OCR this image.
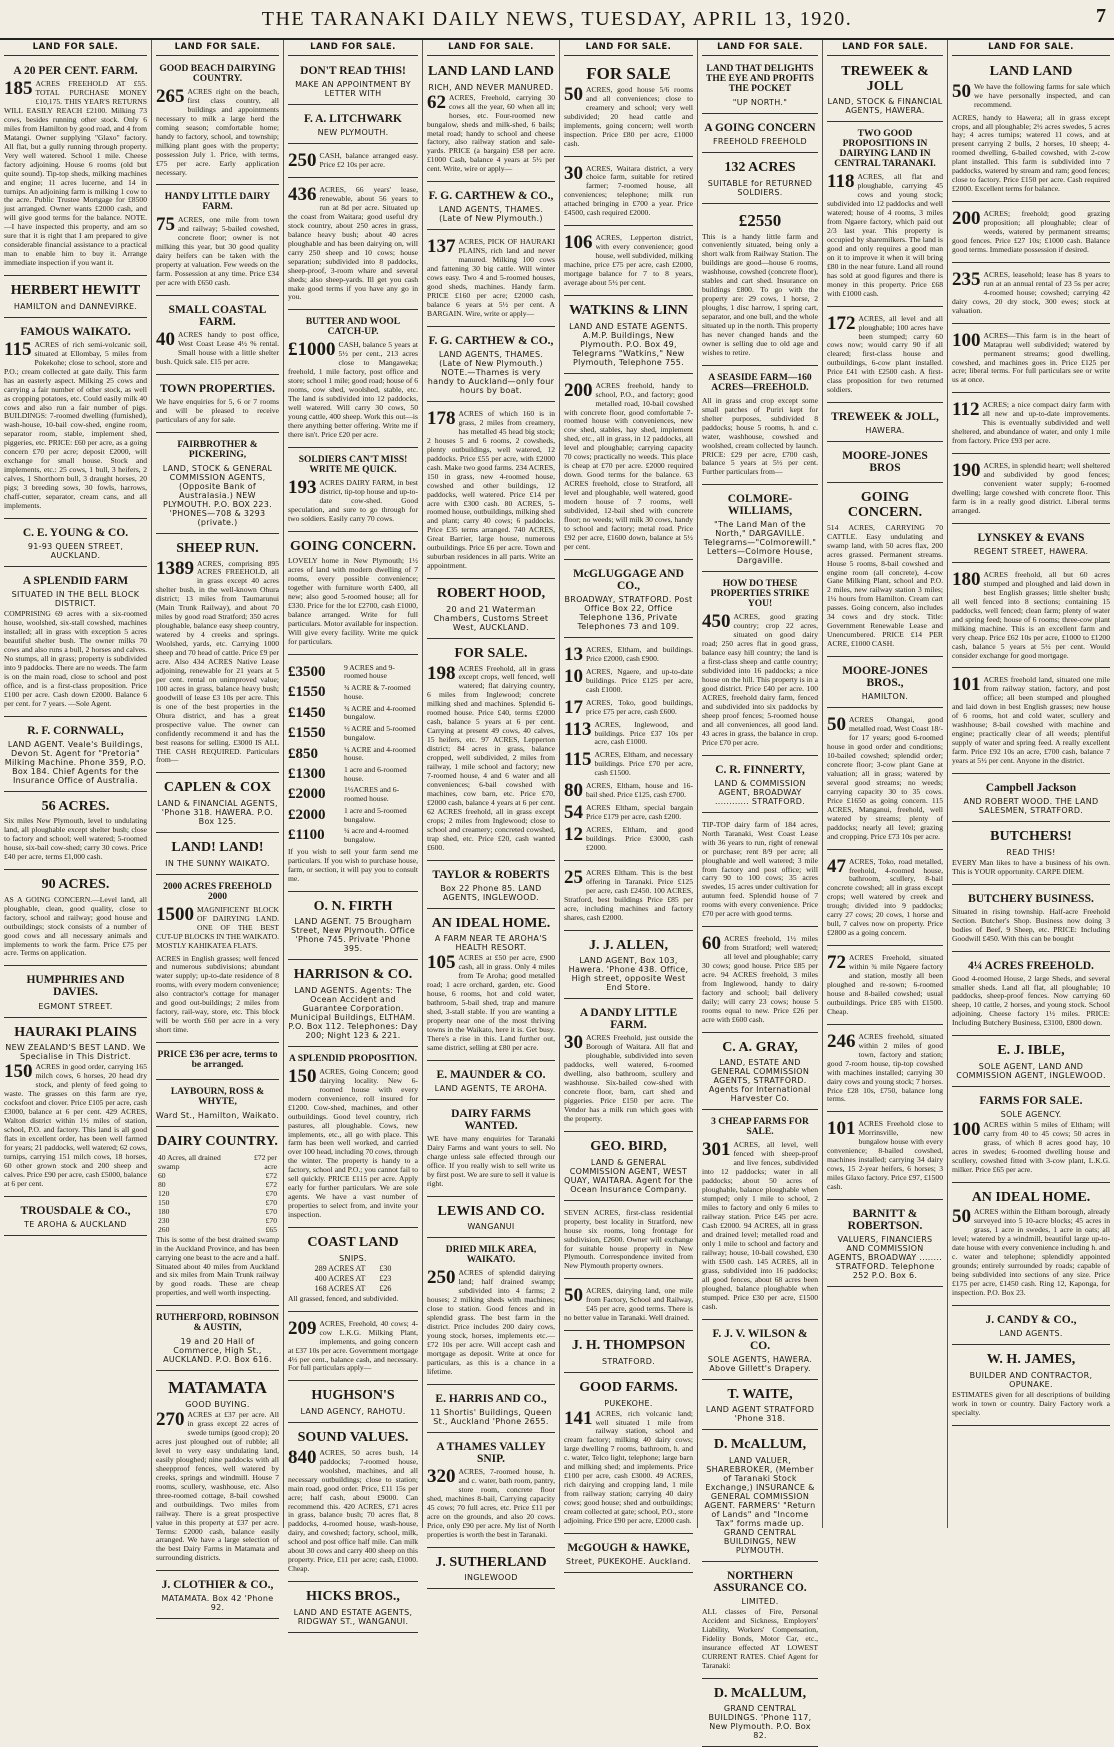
THE TARANAKI DAILY NEWS, TUESDAY, APRIL 13, 1920.	7
LAND FOR SALE.
A 20 PER CENT. FARM.
185 ACRES FREEHOLD AT £55. TOTAL PURCHASE MONEY £10,175. THIS YEAR'S RETURNS WILL EASILY REACH £2100. Milking 73 cows, besides running other stock. Only 6 miles from Hamilton by good road, and 4 from Matangi. Owner supplying "Glaxo" factory. All flat, but a gully running through property. Very well watered. School 1 mile. Cheese factory adjoining. House 6 rooms (old but quite sound). Tip-top sheds, milking machines and engine; 11 acres lucerne, and 14 in turnips. An adjoining farm is milking 1 cow to the acre. Public Trustee Mortgage for £8500 just arranged. Owner wants £2000 cash, and will give good terms for the balance. NOTE.—I have inspected this property, and am so sure that it is right that I am prepared to give considerable financial assistance to a practical man to enable him to buy it. Arrange immediate inspection if you want it.
HERBERT HEWITT
HAMILTON and DANNEVIRKE.
FAMOUS WAIKATO.
115 ACRES of rich semi-volcanic soil, situated at Ellombay, 5 miles from Pokekohe; close to school, store and P.O.; cream collected at gate daily. This farm has an easterly aspect. Milking 25 cows and carrying a fair number of other stock, as well as cropping potatoes, etc. Could easily milk 40 cows and also run a fair number of pigs. BUILDINGS: 7-roomed dwelling (furnished), wash-house, 10-bail cow-shed, engine room, separator room, stable, implement shed, piggeries, etc. PRICE: £60 per acre, as a going concern £70 per acre; deposit £2000, will exchange for small house. Stock and implements, etc.: 25 cows, 1 bull, 3 heifers, 2 calves, 1 Shorthorn bull, 3 draught horses, 20 pigs; 3 breeding sows, 30 fowls, harrows, chaff-cutter, separator, cream cans, and all implements.
C. E. YOUNG & CO.
91-93 QUEEN STREET, AUCKLAND.
A SPLENDID FARM
SITUATED IN THE BELL BLOCK DISTRICT.
COMPRISING 69 acres with a six-roomed house, woolshed, six-stall cowshed, machines installed; all in grass with exception 5 acres beautiful shelter bush. The owner milks 70 cows and also runs a bull, 2 horses and calves. No stumps, all in grass; property is subdivided into 9 paddocks. There are no weeds. The farm is on the main road, close to school and post office, and is a first-class proposition. Price £100 per acre. Cash down £2000. Balance 6 per cent. for 7 years. —Sole Agent.
R. F. CORNWALL,
LAND AGENT. Veale's Buildings, Devon St. Agent for "Pretoria" Milking Machine. Phone 359, P.O. Box 184. Chief Agents for the Insurance Office of Australia.
56 ACRES.
Six miles New Plymouth, level to undulating land, all ploughable except shelter bush; close to factory and school; well watered; 5-roomed house, six-bail cow-shed; carry 30 cows. Price £40 per acre, terms £1,000 cash.
90 ACRES.
AS A GOING CONCERN.—Level land, all ploughable, clean, good quality, close to factory, school and railway; good house and outbuildings; stock consists of a number of good cows and all necessary animals and implements to work the farm. Price £75 per acre. Terms on application.
HUMPHRIES AND DAVIES.
EGMONT STREET.
HAURAKI PLAINS
NEW ZEALAND'S BEST LAND. We Specialise in This District.
150 ACRES in good order, carrying 165 milch cows, 6 horses, 20 head dry stock, and plenty of feed going to waste. The grasses on this farm are rye, cocksfoot and clover. Price £105 per acre, cash £3000, balance at 6 per cent. 429 ACRES, Walton district within 1½ miles of station, school, P.O. and factory. This land is all good flats in excellent order, has been well farmed for years; 21 paddocks, well watered; 62 cows, turnips, carrying 151 milch cows, 18 horses, 60 other grown stock and 200 sheep and calves. Price £90 per acre, cash £5000, balance at 6 per cent.
TROUSDALE & CO.,
TE AROHA & AUCKLAND
LAND FOR SALE.
GOOD BEACH DAIRYING COUNTRY.
265 ACRES right on the beach, first class country, all buildings and appointments necessary to milk a large herd the coming season; comfortable home; handy to factory, school, and township; milking plant goes with the property; possession July 1. Price, with terms, £75 per acre. Early application necessary.
HANDY LITTLE DAIRY FARM.
75 ACRES, one mile from town and railway; 5-bailed cowshed, concrete floor; owner is not milking this year, but 30 good quality dairy heifers can be taken with the property at valuation. Few weeds on the farm. Possession at any time. Price £34 per acre with £650 cash.
SMALL COASTAL FARM.
40 ACRES handy to post office, West Coast Lease 4½ % rental. Small house with a little shelter bush. Quick sale. £15 per acre.
TOWN PROPERTIES.
We have enquiries for 5, 6 or 7 rooms and will be pleased to receive particulars of any for sale.
FAIRBROTHER & PICKERING,
LAND, STOCK & GENERAL COMMISSION AGENTS, (Opposite Bank of Australasia.) NEW PLYMOUTH. P.O. BOX 223. 'PHONES—708 & 3293 (private.)
SHEEP RUN.
1389 ACRES, comprising 895 ACRES FREEHOLD, all in grass except 40 acres shelter bush, in the well-known Ohura district; 13 miles from Taumarunui (Main Trunk Railway), and about 70 miles by good road Stratford; 350 acres ploughable, balance easy sheep country, watered by 4 creeks and springs. Woolshed, yards, etc. Carrying 1000 sheep and 70 head of cattle. Price £9 per acre. Also 434 ACRES Native Lease adjoining, renewable for 21 years at 5 per cent. rental on unimproved value; 100 acres in grass, balance heavy bush; goodwill of lease £3 10s per acre. This is one of the best properties in the Ohura district, and has a great prospective value. The owner can confidently recommend it and has the best reasons for selling. £3000 IS ALL THE CASH REQUIRED. Particulars from—
CAPLEN & COX
LAND & FINANCIAL AGENTS, 'Phone 318. HAWERA. P.O. Box 125.
LAND! LAND!
IN THE SUNNY WAIKATO.
2000 ACRES FREEHOLD 2000
1500 MAGNIFICENT BLOCK OF DAIRYING LAND. ONE OF THE BEST CUT-UP BLOCKS IN THE WAIKATO. MOSTLY KAHIKATEA FLATS.
ACRES in English grasses; well fenced and numerous subdivisions; abundant water supply; up-to-date residence of 8 rooms, with every modern convenience; also contractor's cottage for manager and good out-buildings; 2 miles from factory, rail-way, store, etc. This block will be worth £60 per acre in a very short time.
PRICE £36 per acre, terms to be arranged.
LAYBOURN, ROSS & WHYTE,
Ward St., Hamilton, Waikato.
DAIRY COUNTRY.
40 Acres, all drained swamp	£72 per acre
60	£72
80	£72
120	£70
150	£70
180	£70
230	£70
260	£65
This is some of the best drained swamp in the Auckland Province, and has been carrying one beast to the acre and a half. Situated about 40 miles from Auckland and six miles from Main Trunk railway by good roads. These are cheap properties, and well worth inspecting.
RUTHERFORD, ROBINSON & AUSTIN,
19 and 20 Hall of Commerce, High St., AUCKLAND. P.O. Box 616.
MATAMATA
GOOD BUYING.
270 ACRES at £37 per acre. All in grass except 22 acres of swede turnips (good crop); 20 acres just ploughed out of rubble; all level to very easy undulating land, easily ploughed; nine paddocks with all sheepproof fences, well watered by creeks, springs and windmill. House 7 rooms, scullery, washhouse, etc. Also three-roomed cottage, 8-bail cowshed and outbuildings. Two miles from railway. There is a great prospective value in this property at £37 per acre. Terms: £2000 cash, balance easily arranged. We have a large selection of the best Dairy Farms in Matamata and surrounding districts.
J. CLOTHIER & CO.,
MATAMATA. Box 42 'Phone 92.
LAND FOR SALE.
DON'T READ THIS!
MAKE AN APPOINTMENT BY LETTER WITH
F. A. LITCHWARK
NEW PLYMOUTH.
250 CASH, balance arranged easy. Price £2 10s per acre.
436 ACRES, 66 years' lease, renewable, about 56 years to run at 8d per acre. Situated up the coast from Waitara; good useful dry stock country, about 250 acres in grass, balance heavy bush; about 40 acres ploughable and has been dairying on, will carry 250 sheep and 10 cows; house separation; subdivided into 8 paddocks, sheep-proof, 3-room whare and several sheds; also sheep-yards. Ill get you cash make good terms if you have any go in you.
BUTTER AND WOOL CATCH-UP.
£1000 CASH, balance 5 years at 5½ per cent., 213 acres close to Mangaweka; freehold, 1 mile factory, post office and store; school 1 mile; good road; house of 6 rooms, cow shed, woolshed, stable, etc. The land is subdivided into 12 paddocks, well watered. Will carry 30 cows, 50 young cattle, 400 sheep. Work this out—is there anything better offering. Write me if there isn't. Price £20 per acre.
SOLDIERS CAN'T MISS! WRITE ME QUICK.
193 ACRES DAIRY FARM, in best district, tip-top house and up-to-date cow-shed. Good speculation, and sure to go through for two soldiers. Easily carry 70 cows.
GOING CONCERN.
LOVELY home in New Plymouth; 1½ acres of land with modern dwelling of 7 rooms, every possible convenience; together with furniture worth £400, all new; also good 5-roomed house; all for £330. Price for the lot £2700, cash £1000, balance arranged. Write for full particulars. Motor available for inspection. Will give every facility. Write me quick for particulars.
£3500	9 ACRES and 9-roomed house
£1550	¾ ACRE & 7-roomed house.
£1450	¾ ACRE and 4-roomed bungalow.
£1550	½ ACRE and 5-roomed bungalow.
£850	¼ ACRE and 4-roomed house.
£1300	1 acre and 6-roomed house.
£2000	1½ACRES and 6-roomed house.
£2000	1 acre and 5-roomed bungalow.
£1100	¼ acre and 4-roomed bungalow.
If you wish to sell your farm send me particulars. If you wish to purchase house, farm, or section, it will pay you to consult me.
O. N. FIRTH
LAND AGENT. 75 Brougham Street, New Plymouth. Office 'Phone 745. Private 'Phone 395.
HARRISON & CO.
LAND AGENTS. Agents: The Ocean Accident and Guarantee Corporation. Municipal Buildings, ELTHAM. P.O. Box 112. Telephones: Day 200; Night 123 & 221.
A SPLENDID PROPOSITION.
150 ACRES, Going Concern; good dairying locality. New 6-roomed house with every modern convenience, roll insured for £1200. Cow-shed, machines, and other outbuildings. Good level country, rich pastures, all ploughable. Cows, new implements, etc., all go with place. This farm has been well worked, and carried over 100 head, including 70 cows, through the winter. The property is handy to a factory, school and P.O.; you cannot fail to sell quickly. PRICE £115 per acre. Apply early for further particulars. We are sole agents. We have a vast number of properties to select from, and invite your inspection.
COAST LAND
SNIPS.
289 ACRES AT £30
400 ACRES AT £23
168 ACRES AT £26
All grassed, fenced, and subdivided.
209 ACRES, Freehold, 40 cows; 4-cow L.K.G. Milking Plant, implements, and going concern at £37 10s per acre. Government mortgage 4½ per cent., balance cash, and necessary. For full particulars apply—
HUGHSON'S
LAND AGENCY, RAHOTU.
SOUND VALUES.
840 ACRES, 50 acres bush, 14 paddocks; 7-roomed house, woolshed, machines, and all necessary outbuildings; close to station; main road, good order. Price, £11 15s per acre; half cash, about £9000. Can recommend this. 420 ACRES, £71 acres in grass, balance bush; 70 acres flat, 8 paddocks, 4-roomed house, wash-house, dairy, and cowshed; factory, school, milk, school and post office half mile. Can milk about 30 cows and carry 400 sheep on this property. Price, £11 per acre; cash, £1000. Cheap.
HICKS BROS.,
LAND AND ESTATE AGENTS, RIDGWAY ST., WANGANUI.
LAND FOR SALE.
LAND LAND LAND
RICH, AND NEVER MANURED.
62 ACRES, Freehold, carrying 30 cows all the year, 60 when all in; horses, etc. Four-roomed new bungalow, sheds and milk-shed, 6 bails; metal road; handy to school and cheese factory, also railway station and sale-yards. PRICE (a bargain) £58 per acre. £1000 Cash, balance 4 years at 5½ per cent. Write, wire or apply—
F. G. CARTHEW & CO.,
LAND AGENTS, THAMES. (Late of New Plymouth.)
137 ACRES, PICK OF HAURAKI PLAINS, rich land and never manured. Milking 100 cows and fattening 30 big cattle. Will winter cows easy. Two 4 and 5-roomed houses, good sheds, machines. Handy farm. PRICE £160 per acre; £2000 cash, balance 6 years at 5½ per cent. A BARGAIN. Wire, write or apply—
F. G. CARTHEW & CO.,
LAND AGENTS, THAMES. (Late of New Plymouth.) NOTE.—Thames is very handy to Auckland—only four hours by boat.
178 ACRES of which 160 is in grass, 2 miles from creamery, has metalled 45 head big stock; 2 houses 5 and 6 rooms, 2 cowsheds, plenty outbuildings, well watered, 12 paddocks. Price £55 per acre, with £2000 cash. Make two good farms. 234 ACRES, 150 in grass, new 4-roomed house, cowshed and other buildings, 12 paddocks, well watered. Price £14 per acre with £300 cash. 80 ACRES, 5-roomed house, outbuildings, milking shed and plant; carry 40 cows; 6 paddocks. Price £35 terms arranged. 740 ACRES, Great Barrier, large house, numerous outbuildings. Price £6 per acre. Town and suburban residences in all parts. Write an appointment.
ROBERT HOOD,
20 and 21 Waterman Chambers, Customs Street West, AUCKLAND.
FOR SALE.
198 ACRES Freehold, all in grass except crops, well fenced, well watered; flat dairying country, 6 miles from Inglewood; concrete milking shed and machines. Splendid 6-roomed house. Price £40, terms £2000 cash, balance 5 years at 6 per cent. Carrying at present 49 cows, 40 calves, 15 heifers, etc. 97 ACRES, Lepperton district; 84 acres in grass, balance cropped, well subdivided, 2 miles from railway, 1 mile school and factory; new 7-roomed house, 4 and 6 water and all conveniences; 6-bail cowshed with machines, cow barn, etc. Price £70, £2000 cash, balance 4 years at 6 per cent. 62 ACRES freehold, all in grass except crops; 2 miles from Inglewood; close to school and creamery; concreted cowshed, trap shed, etc. Price £20, cash wanted £600.
TAYLOR & ROBERTS
Box 22 Phone 85. LAND AGENTS, INGLEWOOD.
AN IDEAL HOME.
A FARM NEAR TE AROHA'S HEALTH RESORT.
105 ACRES at £50 per acre, £900 cash, all in grass. Only 4 miles from Te Aroha; good metalled road; 1 acre orchard, garden, etc. Good house, 6 rooms, hot and cold water, bathroom, 5-bail shed, trap and manure shed, 3-stall stable. If you are wanting a property near one of the most thriving towns in the Waikato, here it is. Get busy. There's a rise in this. Land further out, same district, selling at £80 per acre.
E. MAUNDER & CO.
LAND AGENTS, TE AROHA.
DAIRY FARMS WANTED.
WE have many enquiries for Taranaki Dairy Farms and want yours to sell. No charge unless sale effected through our office. If you really wish to sell write us by first post. We are sure to sell it value is right.
LEWIS AND CO.
WANGANUI
DRIED MILK AREA, WAIKATO.
250 ACRES of splendid dairying land; half drained swamp; subdivided into 4 farms; 2 houses; 2 milking sheds with machines; close to station. Good fences and in splendid grass. The best farm in the district. Price includes 200 dairy cows, young stock, horses, implements etc.—£72 10s per acre. Will accept cash and mortgage as deposit. Write at once for particulars, as this is a chance in a lifetime.
E. HARRIS AND CO.,
11 Shortis' Buildings, Queen St., Auckland 'Phone 2655.
A THAMES VALLEY SNIP.
320 ACRES, 7-roomed house, h. and c. water, bath room, pantry, store room, concrete floor shed, machines 8-bail, Carrying capacity 45 cows; 70 full acres, etc. Price £11 per acre on the grounds, and also 20 cows. Price, only £90 per acre. My list of North properties is worth the best in Taranaki.
J. SUTHERLAND
INGLEWOOD
LAND FOR SALE.
FOR SALE
50 ACRES, good house 5/6 rooms and all conveniences; close to creamery and school; very well subdivided; 20 head cattle and implements, going concern; well worth inspection. Price £80 per acre, £1000 cash.
30 ACRES, Waitara district, a very choice farm, suitable for retired farmer; 7-roomed house, all conveniences; telephone; milk run attached bringing in £700 a year. Price £4500, cash required £2000.
106 ACRES, Lepperton district, with every convenience; good house, well subdivided, milking machine, price £75 per acre, cash £2000, mortgage balance for 7 to 8 years, average about 5½ per cent.
WATKINS & LINN
LAND AND ESTATE AGENTS. A.M.P. Buildings, New Plymouth. P.O. Box 49, Telegrams "Watkins," New Plymouth, Telephone 755.
200 ACRES freehold, handy to school, P.O., and factory; good metalled road, 10-bail cowshed with concrete floor, good comfortable 7-roomed house with conveniences, new cow shed, stables, hay shed, implement shed, etc., all in grass, in 12 paddocks, all level and ploughable; carrying capacity 70 cows; practically no weeds. This place is cheap at £70 per acre. £2000 required down. Good terms for the balance. 63 ACRES freehold, close to Stratford, all level and ploughable, well watered, good modern house of 7 rooms, well subdivided, 12-bail shed with concrete floor; no weeds; will milk 30 cows, handy to school and factory; metal road. Price £92 per acre, £1600 down, balance at 5½ per cent.
McGLUGGAGE AND CO.,
BROADWAY, STRATFORD. Post Office Box 22, Office Telephone 136, Private Telephones 73 and 109.
13 ACRES, Eltham, and buildings. Price £2000, cash £900.
10 ACRES, Ngaere, and up-to-date buildings. Price £125 per acre, cash £1000.
17 ACRES, Toko, good buildings, price £75 per acre, cash £600.
113 ACRES, Inglewood, and buildings. Price £37 10s per acre, cash £1000.
115 ACRES, Eltham, and necessary buildings. Price £70 per acre, cash £1500.
80 ACRES, Eltham, house and 16-bail shed. Price £125, cash £700.
54 ACRES Eltham, special bargain Price £179 per acre, cash £200.
12 ACRES, Eltham, and good buildings. Price £3000, cash £2000.
25 ACRES Eltham. This is the best offering in Taranaki. Price £125 per acre, cash £2450. 100 ACRES, Stratford, best buildings Price £85 per acre, including machines and factory shares, cash £2000.
J. J. ALLEN,
LAND AGENT, Box 103, Hawera. 'Phone 438. Office, High street, opposite West End Store.
A DANDY LITTLE FARM.
30 ACRES Freehold, just outside the Borough of Waitara. All flat and ploughable, subdivided into seven paddocks, well watered, 6-roomed dwelling, also bathroom, scullery and washhouse. Six-bailed cow-shed with concrete floor, barn, cart shed and piggeries. Price £150 per acre. The Vendor has a milk run which goes with the property.
GEO. BIRD,
LAND & GENERAL COMMISSION AGENT, WEST QUAY, WAITARA. Agent for the Ocean Insurance Company.
SEVEN ACRES, first-class residential property, best locality in Stratford, new house six rooms, long frontage for subdivision, £2600. Owner will exchange for suitable house property in New Plymouth. Correspondence invited from New Plymouth property owners.
50 ACRES, dairying land, one mile from Factory, School and Railway, £45 per acre, good terms. There is no better value in Taranaki. Well drained.
J. H. THOMPSON
STRATFORD.
GOOD FARMS.
PUKEKOHE.
141 ACRES, rich volcanic land; well situated 1 mile from railway station, school and cream factory; milking 40 dairy cows; large dwelling 7 rooms, bathroom, h. and c. water, Telco light, telephone; large barn and milking shed; and implements. Price £100 per acre, cash £3000. 49 ACRES, rich dairying and cropping land, 1 mile from railway station; carrying 40 dairy cows; good house; shed and outbuildings; cream collected at gate; school, P.O., store adjoining. Price £90 per acre, £2000 cash.
McGOUGH & HAWKE,
Street, PUKEKOHE. Auckland.
LAND FOR SALE.
LAND THAT DELIGHTS THE EYE AND PROFITS THE POCKET
"UP NORTH."
A GOING CONCERN
FREEHOLD FREEHOLD
132 ACRES
SUITABLE for RETURNED SOLDIERS.
£2550
This is a handy little farm and conveniently situated, being only a short walk from Railway Station. The buildings are good—house 6 rooms, washhouse, cowshed (concrete floor), stables and cart shed. Insurance on buildings £800. To go with the property are: 29 cows, 1 horse, 2 ploughs, 1 disc harrow, 1 spring cart, separator, and one bull, and the whole situated up in the north. This property has never changed hands and the owner is selling due to old age and wishes to retire.
A SEASIDE FARM—160 ACRES—FREEHOLD.
All in grass and crop except some small patches of Puriri kept for shelter purposes, subdivided 8 paddocks; house 5 rooms, h. and c. water, washhouse, cowshed and woolshed, cream collected by launch. PRICE: £29 per acre, £700 cash, balance 5 years at 5½ per cent. Further particulars from—
COLMORE-WILLIAMS,
"The Land Man of the North," DARGAVILLE. Telegrams—"Colmorewill." Letters—Colmore House, Dargaville.
HOW DO THESE PROPERTIES STRIKE YOU!
450 ACRES, good grazing country; crop 22 acres, situated on good dairy road; 250 acres flat in good grass, balance easy hill country; the land is a first-class sheep and cattle country; subdivided into 16 paddocks; a nice house on the hill. This property is in a good district. Price £40 per acre. 100 ACRES, freehold dairy farm, fenced and subdivided into six paddocks by sheep proof fences; 5-roomed house and all conveniences, all good land. 43 acres in grass, the balance in crop. Price £70 per acre.
C. R. FINNERTY,
LAND & COMMISSION AGENT, BROADWAY ............ STRATFORD.
TIP-TOP dairy farm of 184 acres, North Taranaki, West Coast Lease with 36 years to run, right of renewal or purchase; rent 8/9 per acre; all ploughable and well watered; 3 mile from factory and post office; will carry 90 to 100 cows; 35 acres swedes, 15 acres under cultivation for autumn feed. Splendid house of 7 rooms with every convenience. Price £70 per acre with good terms.
60 ACRES freehold, 1½ miles from Stratford; well watered; all level and ploughable; carry 30 cows; good house. Price £85 per acre. 94 ACRES freehold, 3 miles from Inglewood, handy to dairy factory and school; bail delivery daily; will carry 23 cows; house 5 rooms equal to new. Price £26 per acre with £600 cash.
C. A. GRAY,
LAND, ESTATE AND GENERAL COMMISSION AGENTS, STRATFORD. Agents for International Harvester Co.
3 CHEAP FARMS FOR SALE.
301 ACRES, all level, well fenced with sheep-proof and live fences, subdivided into 12 paddocks; water in all paddocks; about 50 acres of ploughable, balance ploughable when stumped; only 1 mile to school, 2 miles to factory and only 6 miles to railway station. Price £45 per acre. Cash £2000. 94 ACRES, all in grass and drained level; metalled road and only 1 mile to school and factory and railway; house, 10-bail cowshed, £30 with £500 cash. 145 ACRES, all in grass, subdivided into 16 paddocks; all good fences, about 68 acres been ploughed, balance ploughable when stumped. Price £30 per acre, £1500 cash.
F. J. V. WILSON & CO.
SOLE AGENTS, HAWERA. Above Gillett's Drapery.
T. WAITE,
LAND AGENT STRATFORD 'Phone 318.
D. McALLUM,
LAND VALUER, SHAREBROKER, (Member of Taranaki Stock Exchange,) INSURANCE & GENERAL COMMISSION AGENT. FARMERS' "Return of Lands" and "Income Tax" forms made up. GRAND CENTRAL BUILDINGS, NEW PLYMOUTH.
NORTHERN ASSURANCE CO.
LIMITED.
ALL classes of Fire, Personal Accident and Sickness, Employers' Liability, Workers' Compensation, Fidelity Bonds, Motor Car, etc., insurance effected AT LOWEST CURRENT RATES. Chief Agent for Taranaki:
D. McALLUM,
GRAND CENTRAL BUILDINGS. 'Phone 117, New Plymouth. P.O. Box 82.
LAND FOR SALE.
TREWEEK & JOLL
LAND, STOCK & FINANCIAL AGENTS, HAWERA.
TWO GOOD PROPOSITIONS IN DAIRYING LAND IN CENTRAL TARANAKI.
118 ACRES, all flat and ploughable, carrying 45 cows and young stock; subdivided into 12 paddocks and well watered; house of 4 rooms, 3 miles from Ngaere factory, which paid out 2/3 last year. This property is occupied by sharemilkers. The land is good and only requires a good man on it to improve it when it will bring £80 in the near future. Land all round has sold at good figures and there is money in this property. Price £68 with £1000 cash.
172 ACRES, all level and all ploughable; 100 acres have been stumped; carry 60 cows now; would carry 90 if all cleared; first-class house and outbuildings, 6-cow plant installed. Price £41 with £2500 cash. A first-class proposition for two returned soldiers.
TREWEEK & JOLL,
HAWERA.
MOORE-JONES BROS
GOING CONCERN.
514 ACRES, CARRYING 70 CATTLE. Easy undulating and swamp land, with 50 acres flax, 200 acres grassed. Permanent streams. House 5 rooms, 8-bail cowshed and engine room (all concrete), 4-cow Gane Milking Plant, school and P.O. 2 miles, new railway station 3 miles; 1¼ hours from Hamilton. Cream cart passes. Going concern, also includes 34 cows and dry stock. Title: Government Renewable Lease and Unencumbered. PRICE £14 PER ACRE, £1000 CASH.
MOORE-JONES BROS.,
HAMILTON.
50 ACRES Ohangai, good metalled road, West Coast 18/- for 17 years; good 6-roomed house in good order and conditions; 10-bailed cowshed; splendid order; concrete floor; 3-cow plant Gane at valuation; all in grass; watered by several good streams; no weeds; carrying capacity 30 to 35 cows. Price £1650 as going concern. 115 ACRES, Manganui, freehold, well watered by streams; plenty of paddocks; nearly all level; grazing and cropping. Price £73 10s per acre.
47 ACRES, Toko, road metalled, freehold, 4-roomed house, bathroom, scullery, 8-bail concrete cowshed; all in grass except crops; well watered by creek and trough; divided into 9 paddocks; carry 27 cows; 20 cows, 1 horse and bull, 7 calves now on property. Price £2800 as a going concern.
72 ACRES Freehold, situated within ¾ mile Ngaere factory and station, mostly all been ploughed and re-sown; 6-roomed house and 8-bailed cowshed; usual outbuildings. Price £85 with £1500. Cheap.
246 ACRES freehold, situated within 2 miles of good town, factory and station; good 7-room house, tip-top cowshed with machines installed; carrying 30 dairy cows and young stock; 7 horses. Price £28 10s, £750, balance long terms.
101 ACRES Freehold close to Morrinsville, new bungalow house with every convenience; 8-bailed cowshed, machines installed; carrying 34 dairy cows, 15 2-year heifers, 6 horses; 3 miles Glaxo factory. Price £97, £1500 cash.
BARNITT & ROBERTSON.
VALUERS, FINANCIERS AND COMMISSION AGENTS, BROADWAY ........ STRATFORD. Telephone 252 P.O. Box 6.
LAND FOR SALE.
LAND LAND
50 We have the following farms for sale which we have personally inspected, and can recommend.
ACRES, handy to Hawera; all in grass except crops, and all ploughable; 2½ acres swedes, 5 acres hay; 4 acres turnips; watered 11 cows, and at present carrying 2 bulls, 2 horses, 10 sheep; 4-roomed dwelling, 6-bailed cowshed, with 2-cow plant installed. This farm is subdivided into 7 paddocks, watered by stream and ram; good fences; close to factory. Price £150 per acre. Cash required £2000. Excellent terms for balance.
200 ACRES; freehold; good grazing proposition; all ploughable; clear of weeds, watered by permanent streams; good fences. Price £27 10s; £1000 cash. Balance good terms. Immediate possession if desired.
235 ACRES, leasehold; lease has 8 years to run at an annual rental of 23 5s per acre; 4-roomed house; cowshed; carrying 42 dairy cows, 20 dry stock, 300 ewes; stock at valuation.
100 ACRES—This farm is in the heart of Mataprau well subdivided; watered by permanent streams; good dwelling, cowshed, and machines goes in. Price £125 per acre; liberal terms. For full particulars see or write us at once.
112 ACRES; a nice compact dairy farm with all new and up-to-date improvements. This is eventually subdivided and well sheltered, and abundance of water, and only 1 mile from factory. Price £93 per acre.
190 ACRES, in splendid heart; well sheltered and subdivided by good fences; convenient water supply; 6-roomed dwelling; large cowshed with concrete floor. This farm is in a really good district. Liberal terms arranged.
LYNSKEY & EVANS
REGENT STREET, HAWERA.
180 ACRES freehold, all but 60 acres stumped and ploughed and laid down in best English grasses; little shelter bush; all well fenced into 8 sections; containing 15 paddocks, well fenced; clean farm; plenty of water and spring feed; house of 6 rooms; three-cow plant milking machine. This is an excellent farm and very cheap. Price £62 10s per acre, £1000 to £1200 cash, balance 5 years at 5½ per cent. Would consider exchange for good mortgage.
101 ACRES freehold land, situated one mile from railway station, factory, and post office; all been stumped and ploughed and laid down in best English grasses; new house of 6 rooms, hot and cold water, scullery and washhouse; 8-bail cowshed with machine and engine; practically clear of all weeds; plentiful supply of water and spring feed. A really excellent farm. Price £92 10s an acre, £700 cash, balance 7 years at 5½ per cent. Anyone in the district.
Campbell Jackson
AND ROBERT WOOD. THE LAND SALESMEN, STRATFORD.
BUTCHERS!
READ THIS!
EVERY Man likes to have a business of his own. This is YOUR opportunity. CARPE DIEM.
BUTCHERY BUSINESS.
Situated in rising township. Half-acre Freehold Section. Butcher's Shop. Business now doing 3 bodies of Beef, 9 Sheep, etc. PRICE: Including Goodwill £450. With this can be bought
4¼ ACRES FREEHOLD.
Good 4-roomed House, 2 large Sheds, and several smaller sheds. Land all flat, all ploughable; 10 paddocks, sheep-proof fences. Now carrying 60 sheep, 10 cattle, 2 horses, and young stock. School adjoining. Cheese factory 1½ miles. PRICE: Including Butchery Business, £3100, £800 down.
E. J. IBLE,
SOLE AGENT, LAND AND COMMISSION AGENT, INGLEWOOD.
FARMS FOR SALE.
SOLE AGENCY.
100 ACRES within 5 miles of Eltham; will carry from 40 to 45 cows; 50 acres in grass, of which 8 acres good hay, 10 acres in swedes; 6-roomed dwelling house and scullery, cowshed fitted with 3-cow plant, L.K.G. milker. Price £65 per acre.
AN IDEAL HOME.
50 ACRES within the Eltham borough, already surveyed into 5 10-acre blocks; 45 acres in grass, 1 acre in swedes, 1 acre in oats; all level; watered by a windmill, beautiful large up-to-date house with every convenience including h. and c. water and telephone; splendidly appointed grounds; entirely surrounded by roads; capable of being subdivided into sections of any size. Price £175 per acre, £1450 cash. Ring 12, Kaponga, for inspection. P.O. Box 23.
J. CANDY & CO.,
LAND AGENTS.
W. H. JAMES,
BUILDER AND CONTRACTOR, OPUNAKE.
ESTIMATES given for all descriptions of building work in town or country. Dairy Factory work a specialty.
